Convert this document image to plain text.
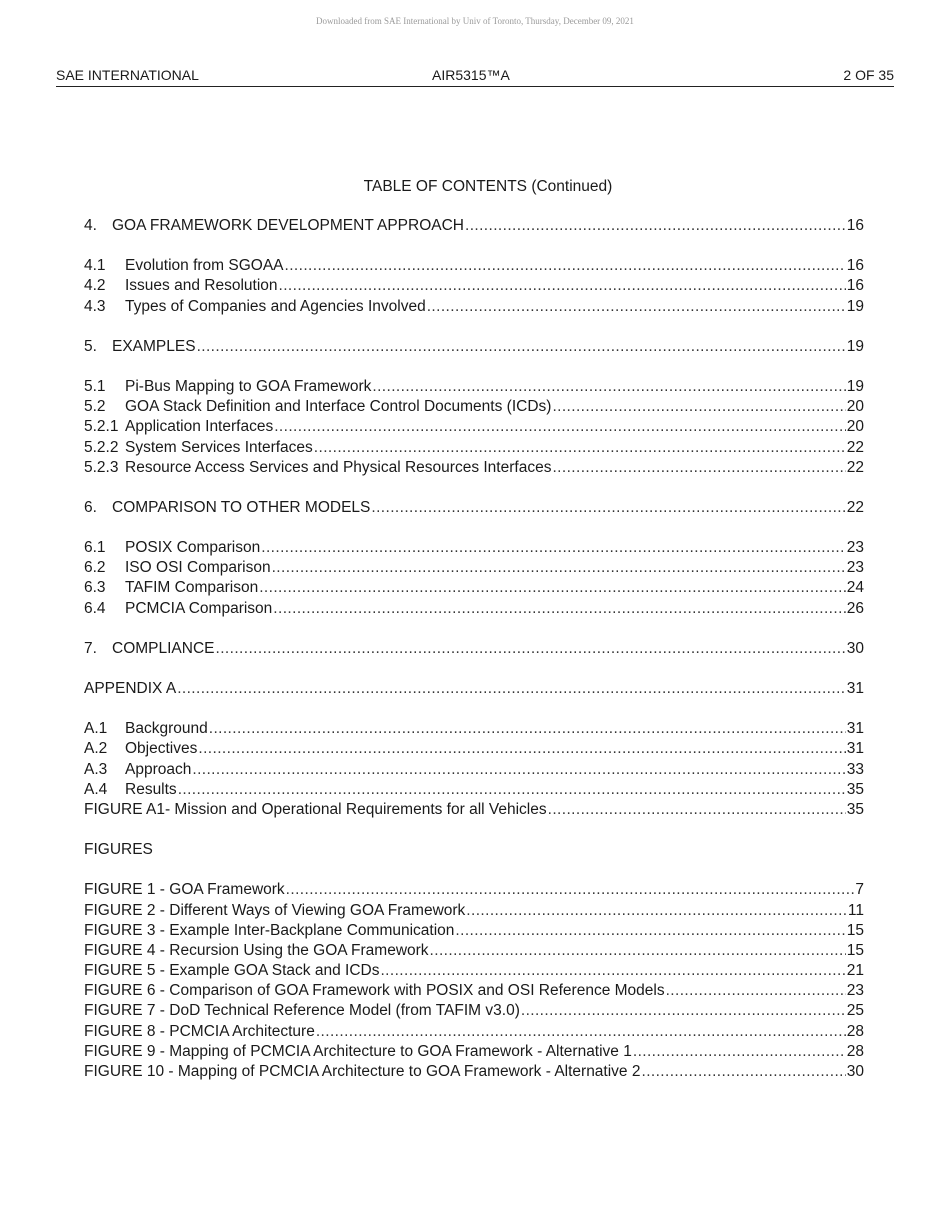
Downloaded from SAE International by Univ of Toronto, Thursday, December 09, 2021
SAE INTERNATIONAL	AIR5315™A	2 OF 35
TABLE OF CONTENTS (Continued)
4. GOA FRAMEWORK DEVELOPMENT APPROACH .....	16
4.1	Evolution from SGOAA .....	16
4.2	Issues and Resolution .....	16
4.3	Types of Companies and Agencies Involved .....	19
5. EXAMPLES .....	19
5.1	Pi-Bus Mapping to GOA Framework .....	19
5.2	GOA Stack Definition and Interface Control Documents (ICDs) .....	20
5.2.1 Application Interfaces .....	20
5.2.2 System Services Interfaces .....	22
5.2.3 Resource Access Services and Physical Resources Interfaces .....	22
6. COMPARISON TO OTHER MODELS .....	22
6.1	POSIX Comparison .....	23
6.2	ISO OSI Comparison .....	23
6.3	TAFIM Comparison .....	24
6.4	PCMCIA Comparison .....	26
7. COMPLIANCE .....	30
APPENDIX A .....	31
A.1	Background .....	31
A.2	Objectives .....	31
A.3	Approach .....	33
A.4	Results .....	35
FIGURE A1- Mission and Operational Requirements for all Vehicles .....	35
FIGURES
FIGURE 1 - GOA Framework .....	7
FIGURE 2 - Different Ways of Viewing GOA Framework .....	11
FIGURE 3 - Example Inter-Backplane Communication .....	15
FIGURE 4 - Recursion Using the GOA Framework .....	15
FIGURE 5 - Example GOA Stack and ICDs .....	21
FIGURE 6 - Comparison of GOA Framework with POSIX and OSI Reference Models .....	23
FIGURE 7 - DoD Technical Reference Model (from TAFIM v3.0) .....	25
FIGURE 8 - PCMCIA Architecture .....	28
FIGURE 9 - Mapping of PCMCIA Architecture to GOA Framework - Alternative 1 .....	28
FIGURE 10 - Mapping of PCMCIA Architecture to GOA Framework - Alternative 2 .....	30
